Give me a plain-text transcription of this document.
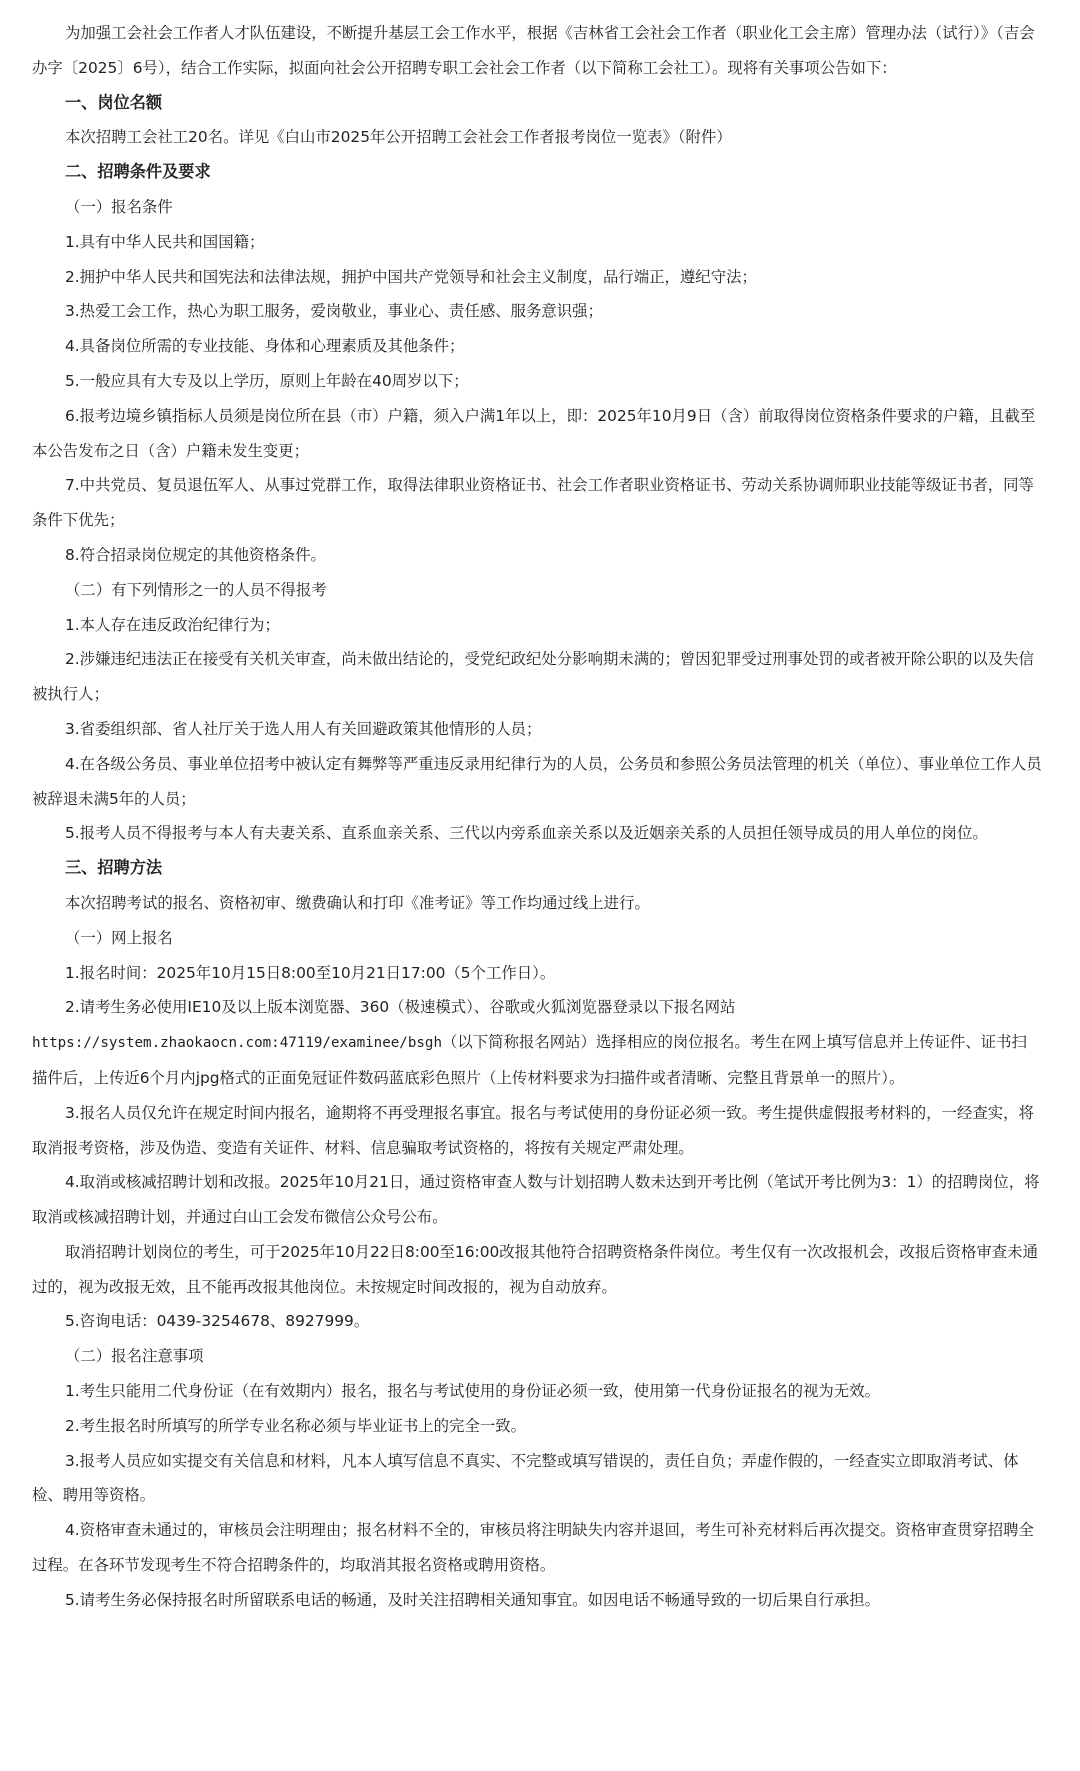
为加强工会社会工作者人才队伍建设，不断提升基层工会工作水平，根据《吉林省工会社会工作者（职业化工会主席）管理办法（试行）》（吉会办字〔2025〕6号），结合工作实际，拟面向社会公开招聘专职工会社会工作者（以下简称工会社工）。现将有关事项公告如下：

一、岗位名额

本次招聘工会社工20名。详见《白山市2025年公开招聘工会社会工作者报考岗位一览表》（附件）

二、招聘条件及要求

（一）报名条件

1.具有中华人民共和国国籍；

2.拥护中华人民共和国宪法和法律法规，拥护中国共产党领导和社会主义制度，品行端正，遵纪守法；

3.热爱工会工作，热心为职工服务，爱岗敬业，事业心、责任感、服务意识强；

4.具备岗位所需的专业技能、身体和心理素质及其他条件；

5.一般应具有大专及以上学历，原则上年龄在40周岁以下；

6.报考边境乡镇指标人员须是岗位所在县（市）户籍，须入户满1年以上，即：2025年10月9日（含）前取得岗位资格条件要求的户籍，且截至本公告发布之日（含）户籍未发生变更；

7.中共党员、复员退伍军人、从事过党群工作，取得法律职业资格证书、社会工作者职业资格证书、劳动关系协调师职业技能等级证书者，同等条件下优先；

8.符合招录岗位规定的其他资格条件。

（二）有下列情形之一的人员不得报考

1.本人存在违反政治纪律行为；

2.涉嫌违纪违法正在接受有关机关审查，尚未做出结论的，受党纪政纪处分影响期未满的；曾因犯罪受过刑事处罚的或者被开除公职的以及失信被执行人；

3.省委组织部、省人社厅关于选人用人有关回避政策其他情形的人员；

4.在各级公务员、事业单位招考中被认定有舞弊等严重违反录用纪律行为的人员，公务员和参照公务员法管理的机关（单位）、事业单位工作人员被辞退未满5年的人员；

5.报考人员不得报考与本人有夫妻关系、直系血亲关系、三代以内旁系血亲关系以及近姻亲关系的人员担任领导成员的用人单位的岗位。

三、招聘方法

本次招聘考试的报名、资格初审、缴费确认和打印《准考证》等工作均通过线上进行。

（一）网上报名

1.报名时间：2025年10月15日8:00至10月21日17:00（5个工作日）。

2.请考生务必使用IE10及以上版本浏览器、360（极速模式）、谷歌或火狐浏览器登录以下报名网站

https://system.zhaokaocn.com:47119/examinee/bsgh（以下简称报名网站）选择相应的岗位报名。考生在网上填写信息并上传证件、证书扫描件后，上传近6个月内jpg格式的正面免冠证件数码蓝底彩色照片（上传材料要求为扫描件或者清晰、完整且背景单一的照片）。

3.报名人员仅允许在规定时间内报名，逾期将不再受理报名事宜。报名与考试使用的身份证必须一致。考生提供虚假报考材料的，一经查实，将取消报考资格，涉及伪造、变造有关证件、材料、信息骗取考试资格的，将按有关规定严肃处理。

4.取消或核减招聘计划和改报。2025年10月21日，通过资格审查人数与计划招聘人数未达到开考比例（笔试开考比例为3：1）的招聘岗位，将取消或核减招聘计划，并通过白山工会发布微信公众号公布。

取消招聘计划岗位的考生，可于2025年10月22日8:00至16:00改报其他符合招聘资格条件岗位。考生仅有一次改报机会，改报后资格审查未通过的，视为改报无效，且不能再改报其他岗位。未按规定时间改报的，视为自动放弃。

5.咨询电话：0439-3254678、8927999。

（二）报名注意事项

1.考生只能用二代身份证（在有效期内）报名，报名与考试使用的身份证必须一致，使用第一代身份证报名的视为无效。

2.考生报名时所填写的所学专业名称必须与毕业证书上的完全一致。

3.报考人员应如实提交有关信息和材料，凡本人填写信息不真实、不完整或填写错误的，责任自负；弄虚作假的，一经查实立即取消考试、体检、聘用等资格。

4.资格审查未通过的，审核员会注明理由；报名材料不全的，审核员将注明缺失内容并退回，考生可补充材料后再次提交。资格审查贯穿招聘全过程。在各环节发现考生不符合招聘条件的，均取消其报名资格或聘用资格。

5.请考生务必保持报名时所留联系电话的畅通，及时关注招聘相关通知事宜。如因电话不畅通导致的一切后果自行承担。
